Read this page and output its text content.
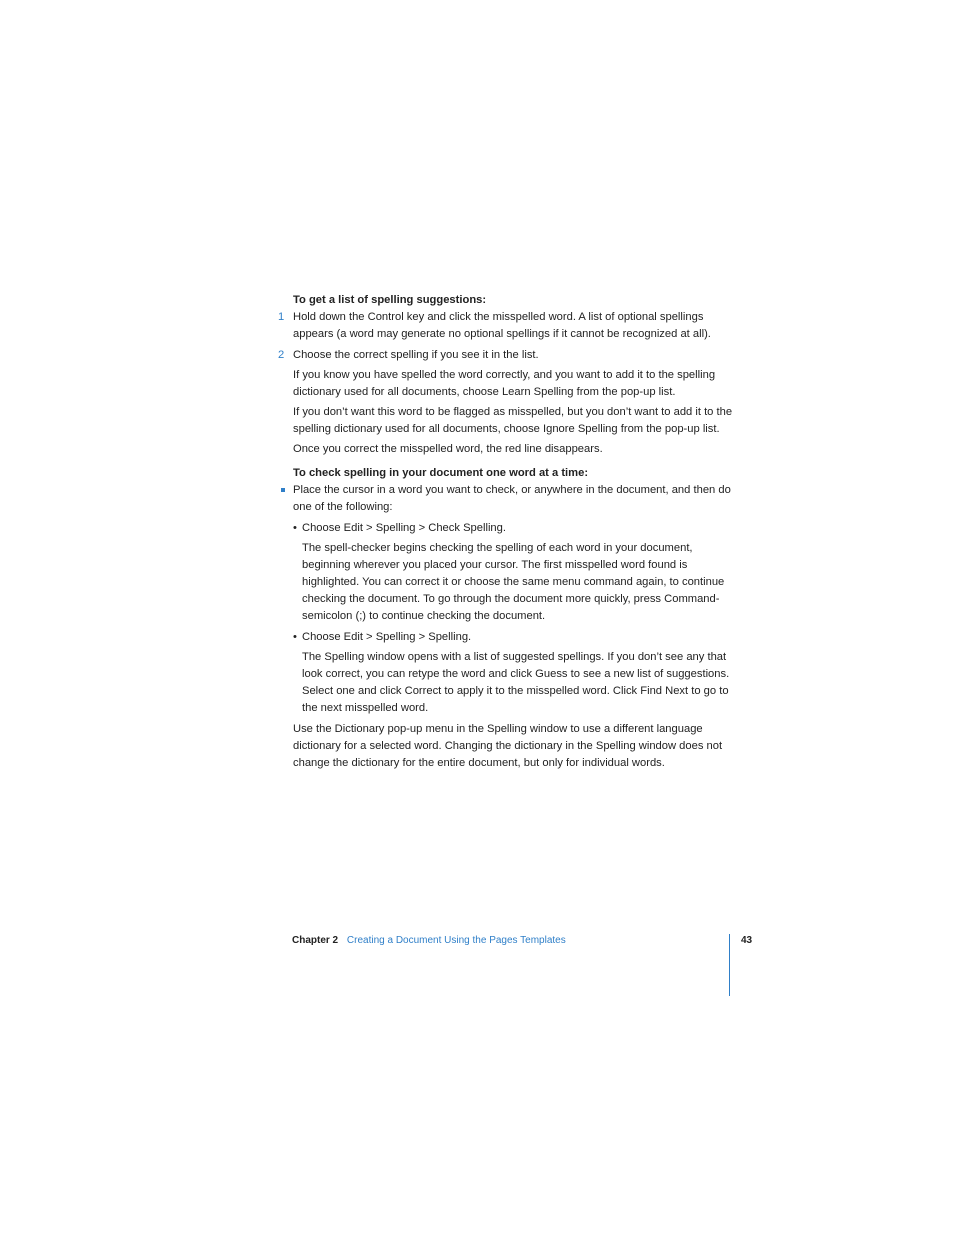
To get a list of spelling suggestions:
1 Hold down the Control key and click the misspelled word. A list of optional spellings appears (a word may generate no optional spellings if it cannot be recognized at all).
2 Choose the correct spelling if you see it in the list.
If you know you have spelled the word correctly, and you want to add it to the spelling dictionary used for all documents, choose Learn Spelling from the pop-up list.
If you don’t want this word to be flagged as misspelled, but you don’t want to add it to the spelling dictionary used for all documents, choose Ignore Spelling from the pop-up list.
Once you correct the misspelled word, the red line disappears.
To check spelling in your document one word at a time:
Place the cursor in a word you want to check, or anywhere in the document, and then do one of the following:
• Choose Edit > Spelling > Check Spelling.
The spell-checker begins checking the spelling of each word in your document, beginning wherever you placed your cursor. The first misspelled word found is highlighted. You can correct it or choose the same menu command again, to continue checking the document. To go through the document more quickly, press Command-semicolon (;) to continue checking the document.
• Choose Edit > Spelling > Spelling.
The Spelling window opens with a list of suggested spellings. If you don’t see any that look correct, you can retype the word and click Guess to see a new list of suggestions. Select one and click Correct to apply it to the misspelled word. Click Find Next to go to the next misspelled word.
Use the Dictionary pop-up menu in the Spelling window to use a different language dictionary for a selected word. Changing the dictionary in the Spelling window does not change the dictionary for the entire document, but only for individual words.
Chapter 2 Creating a Document Using the Pages Templates	43
